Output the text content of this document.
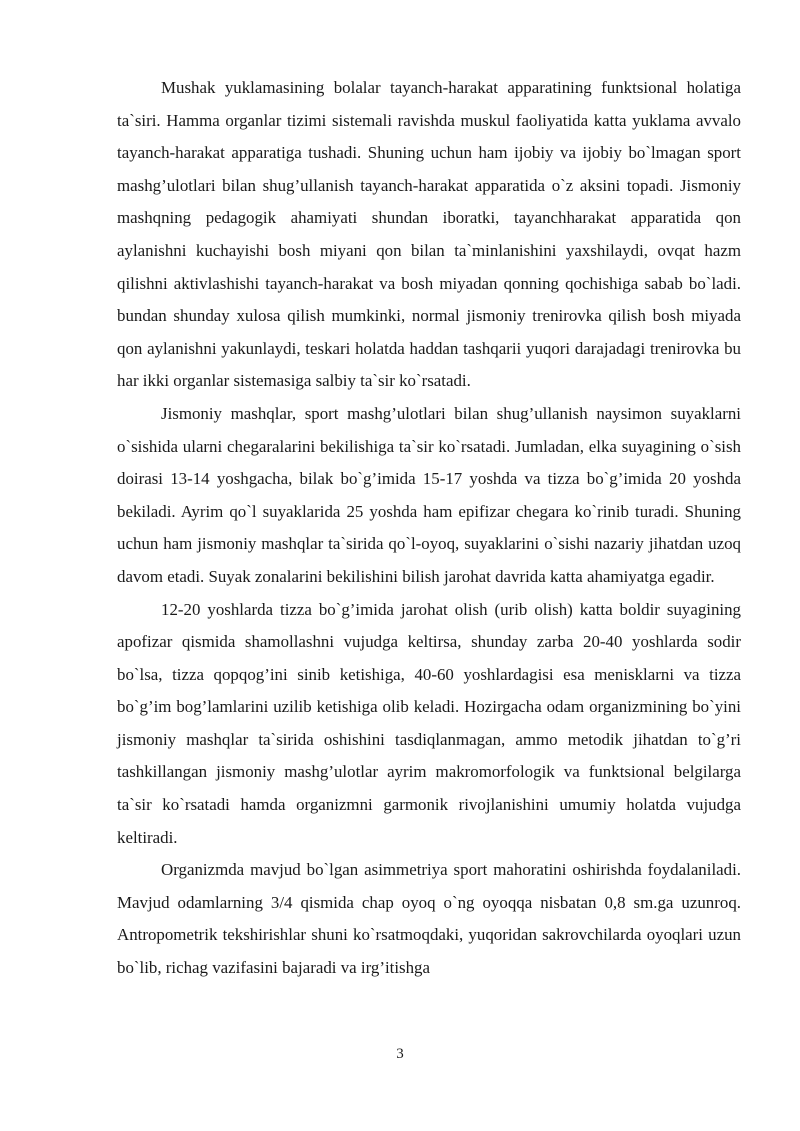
Mushak yuklamasining bolalar tayanch-harakat apparatining funktsional holatiga ta`siri. Hamma organlar tizimi sistemali ravishda muskul faoliyatida katta yuklama avvalo tayanch-harakat apparatiga tushadi. Shuning uchun ham ijobiy va ijobiy bo`lmagan sport mashg’ulotlari bilan shug’ullanish tayanch-harakat apparatida o`z aksini topadi. Jismoniy mashqning pedagogik ahamiyati shundan iboratki, tayanchharakat apparatida qon aylanishni kuchayishi bosh miyani qon bilan ta`minlanishini yaxshilaydi, ovqat hazm qilishni aktivlashishi tayanch-harakat va bosh miyadan qonning qochishiga sabab bo`ladi. bundan shunday xulosa qilish mumkinki, normal jismoniy trenirovka qilish bosh miyada qon aylanishni yakunlaydi, teskari holatda haddan tashqarii yuqori darajadagi trenirovka bu har ikki organlar sistemasiga salbiy ta`sir ko`rsatadi.

Jismoniy mashqlar, sport mashg’ulotlari bilan shug’ullanish naysimon suyaklarni o`sishida ularni chegaralarini bekilishiga ta`sir ko`rsatadi. Jumladan, elka suyagining o`sish doirasi 13-14 yoshgacha, bilak bo`g’imida 15-17 yoshda va tizza bo`g’imida 20 yoshda bekiladi. Ayrim qo`l suyaklarida 25 yoshda ham epifizar chegara ko`rinib turadi. Shuning uchun ham jismoniy mashqlar ta`sirida qo`l-oyoq, suyaklarini o`sishi nazariy jihatdan uzoq davom etadi. Suyak zonalarini bekilishini bilish jarohat davrida katta ahamiyatga egadir.

12-20 yoshlarda tizza bo`g’imida jarohat olish (urib olish) katta boldir suyagining apofizar qismida shamollashni vujudga keltirsa, shunday zarba 20-40 yoshlarda sodir bo`lsa, tizza qopqog’ini sinib ketishiga, 40-60 yoshlardagisi esa menisklarni va tizza bo`g’im bog’lamlarini uzilib ketishiga olib keladi. Hozirgacha odam organizmining bo`yini jismoniy mashqlar ta`sirida oshishini tasdiqlanmagan, ammo metodik jihatdan to`g’ri tashkillangan jismoniy mashg’ulotlar ayrim makromorfologik va funktsional belgilarga ta`sir ko`rsatadi hamda organizmni garmonik rivojlanishini umumiy holatda vujudga keltiradi.

Organizmda mavjud bo`lgan asimmetriya sport mahoratini oshirishda foydalaniladi. Mavjud odamlarning 3/4 qismida chap oyoq o`ng oyoqqa nisbatan 0,8 sm.ga uzunroq. Antropometrik tekshirishlar shuni ko`rsatmoqdaki, yuqoridan sakrovchilarda oyoqlari uzun bo`lib, richag vazifasini bajaradi va irg’itishga

3
